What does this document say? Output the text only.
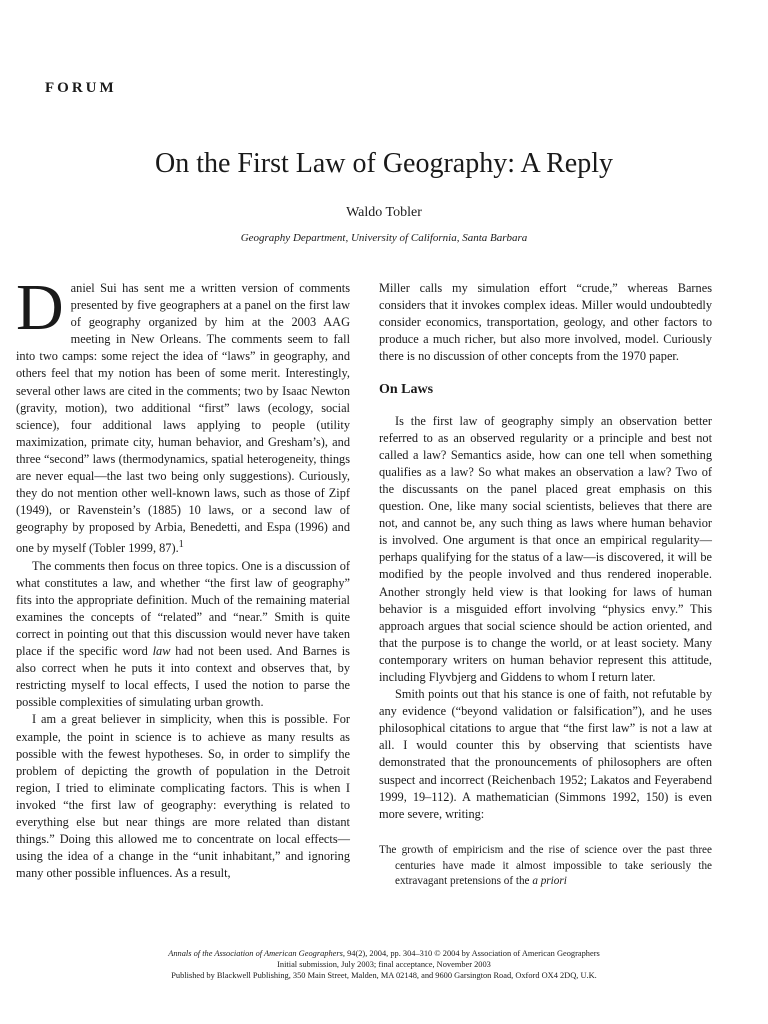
FORUM
On the First Law of Geography: A Reply
Waldo Tobler
Geography Department, University of California, Santa Barbara

Daniel Sui has sent me a written version of comments presented by five geographers at a panel on the first law of geography organized by him at the 2003 AAG meeting in New Orleans. The comments seem to fall into two camps: some reject the idea of “laws” in geography, and others feel that my notion has been of some merit. Interestingly, several other laws are cited in the comments; two by Isaac Newton (gravity, motion), two additional “first” laws (ecology, social science), four additional laws applying to people (utility maximization, primate city, human behavior, and Gresham’s), and three “second” laws (thermodynamics, spatial heterogeneity, things are never equal—the last two being only suggestions). Curiously, they do not mention other well-known laws, such as those of Zipf (1949), or Ravenstein’s (1885) 10 laws, or a second law of geography by proposed by Arbia, Benedetti, and Espa (1996) and one by myself (Tobler 1999, 87).$^1$

The comments then focus on three topics. One is a discussion of what constitutes a law, and whether “the first law of geography” fits into the appropriate definition. Much of the remaining material examines the concepts of “related” and “near.” Smith is quite correct in pointing out that this discussion would never have taken place if the specific word law had not been used. And Barnes is also correct when he puts it into context and observes that, by restricting myself to local effects, I used the notion to parse the possible complexities of simulating urban growth.

I am a great believer in simplicity, when this is possible. For example, the point in science is to achieve as many results as possible with the fewest hypotheses. So, in order to simplify the problem of depicting the growth of population in the Detroit region, I tried to eliminate complicating factors. This is when I invoked “the first law of geography: everything is related to everything else but near things are more related than distant things.” Doing this allowed me to concentrate on local effects—using the idea of a change in the “unit inhabitant,” and ignoring many other possible influences. As a result,

Miller calls my simulation effort “crude,” whereas Barnes considers that it invokes complex ideas. Miller would undoubtedly consider economics, transportation, geology, and other factors to produce a much richer, but also more involved, model. Curiously there is no discussion of other concepts from the 1970 paper.

On Laws

Is the first law of geography simply an observation better referred to as an observed regularity or a principle and best not called a law? Semantics aside, how can one tell when something qualifies as a law? So what makes an observation a law? Two of the discussants on the panel placed great emphasis on this question. One, like many social scientists, believes that there are not, and cannot be, any such thing as laws where human behavior is involved. One argument is that once an empirical regularity—perhaps qualifying for the status of a law—is discovered, it will be modified by the people involved and thus rendered inoperable. Another strongly held view is that looking for laws of human behavior is a misguided effort involving “physics envy.” This approach argues that social science should be action oriented, and that the purpose is to change the world, or at least society. Many contemporary writers on human behavior represent this attitude, including Flyvbjerg and Giddens to whom I return later.

Smith points out that his stance is one of faith, not refutable by any evidence (“beyond validation or falsification”), and he uses philosophical citations to argue that “the first law” is not a law at all. I would counter this by observing that scientists have demonstrated that the pronouncements of philosophers are often suspect and incorrect (Reichenbach 1952; Lakatos and Feyerabend 1999, 19–112). A mathematician (Simmons 1992, 150) is even more severe, writing:

The growth of empiricism and the rise of science over the past three centuries have made it almost impossible to take seriously the extravagant pretensions of the a priori
Annals of the Association of American Geographers, 94(2), 2004, pp. 304–310 © 2004 by Association of American Geographers
Initial submission, July 2003; final acceptance, November 2003
Published by Blackwell Publishing, 350 Main Street, Malden, MA 02148, and 9600 Garsington Road, Oxford OX4 2DQ, U.K.
